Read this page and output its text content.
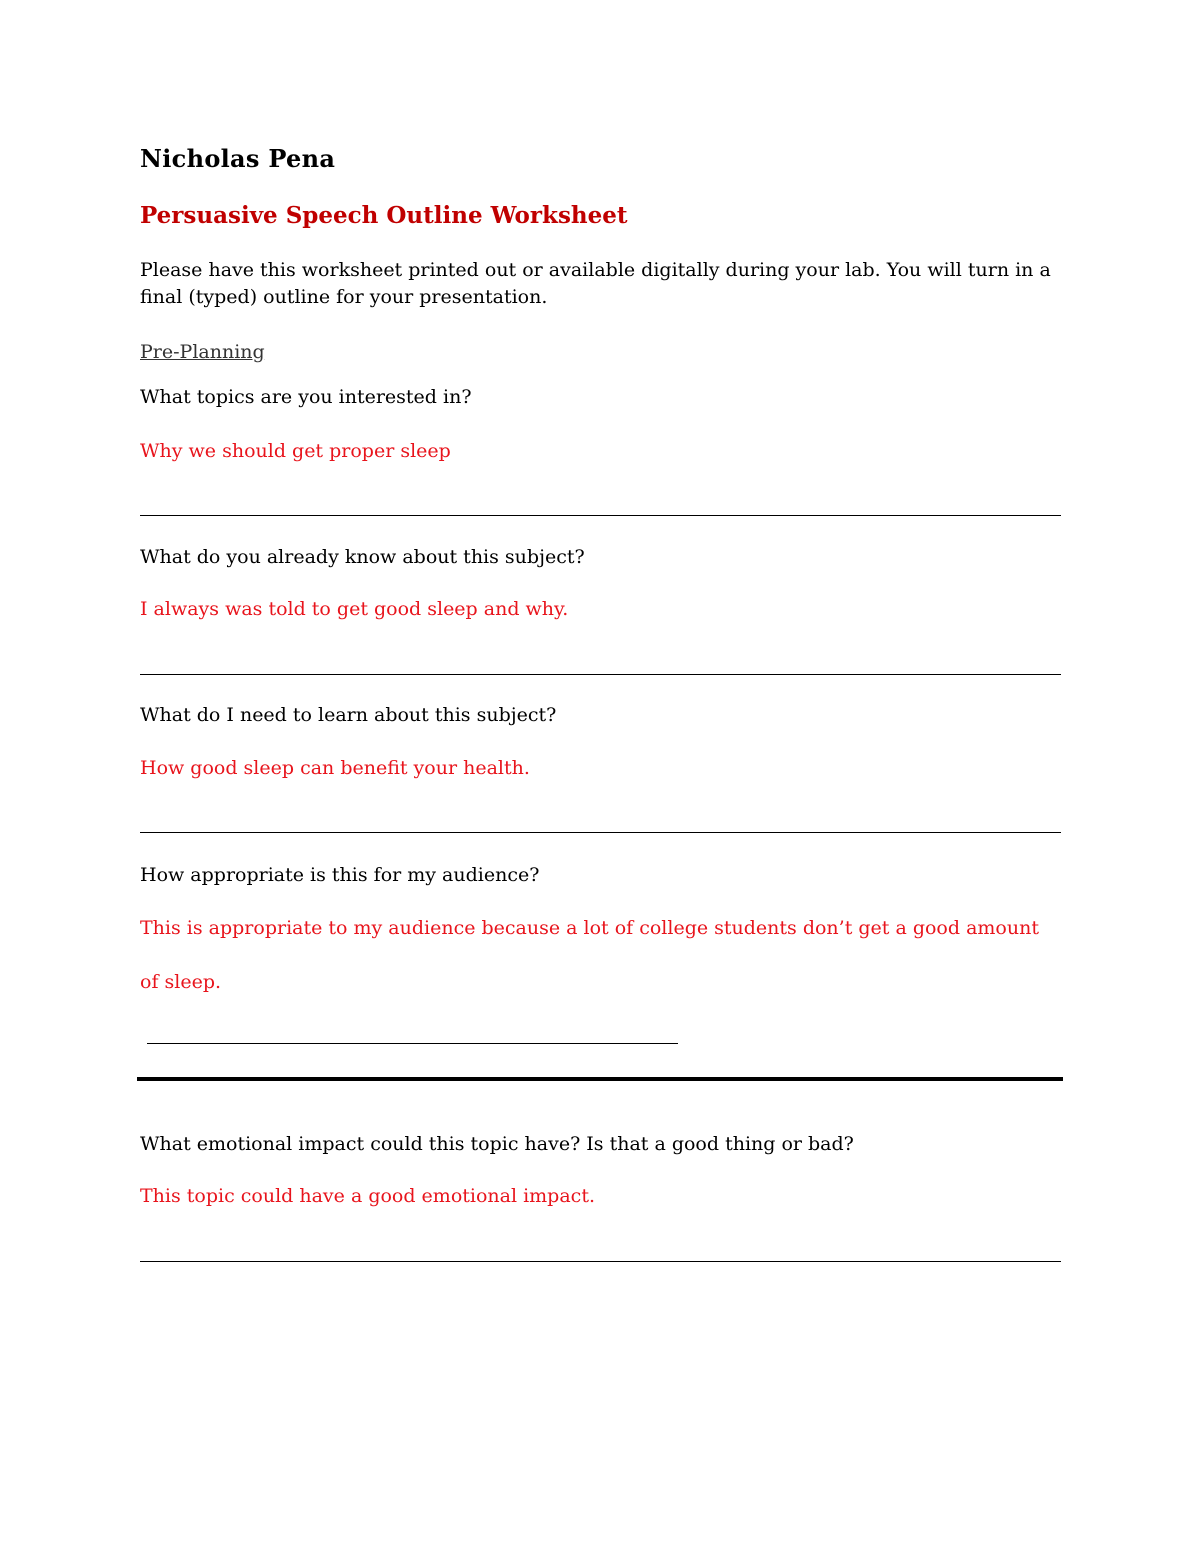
Nicholas Pena
Persuasive Speech Outline Worksheet

Please have this worksheet printed out or available digitally during your lab. You will turn in a final (typed) outline for your presentation.

Pre-Planning
What topics are you interested in?
Why we should get proper sleep
What do you already know about this subject?
I always was told to get good sleep and why.
What do I need to learn about this subject?
How good sleep can benefit your health.
How appropriate is this for my audience?
This is appropriate to my audience because a lot of college students don’t get a good amount of sleep.
What emotional impact could this topic have? Is that a good thing or bad?
This topic could have a good emotional impact.
